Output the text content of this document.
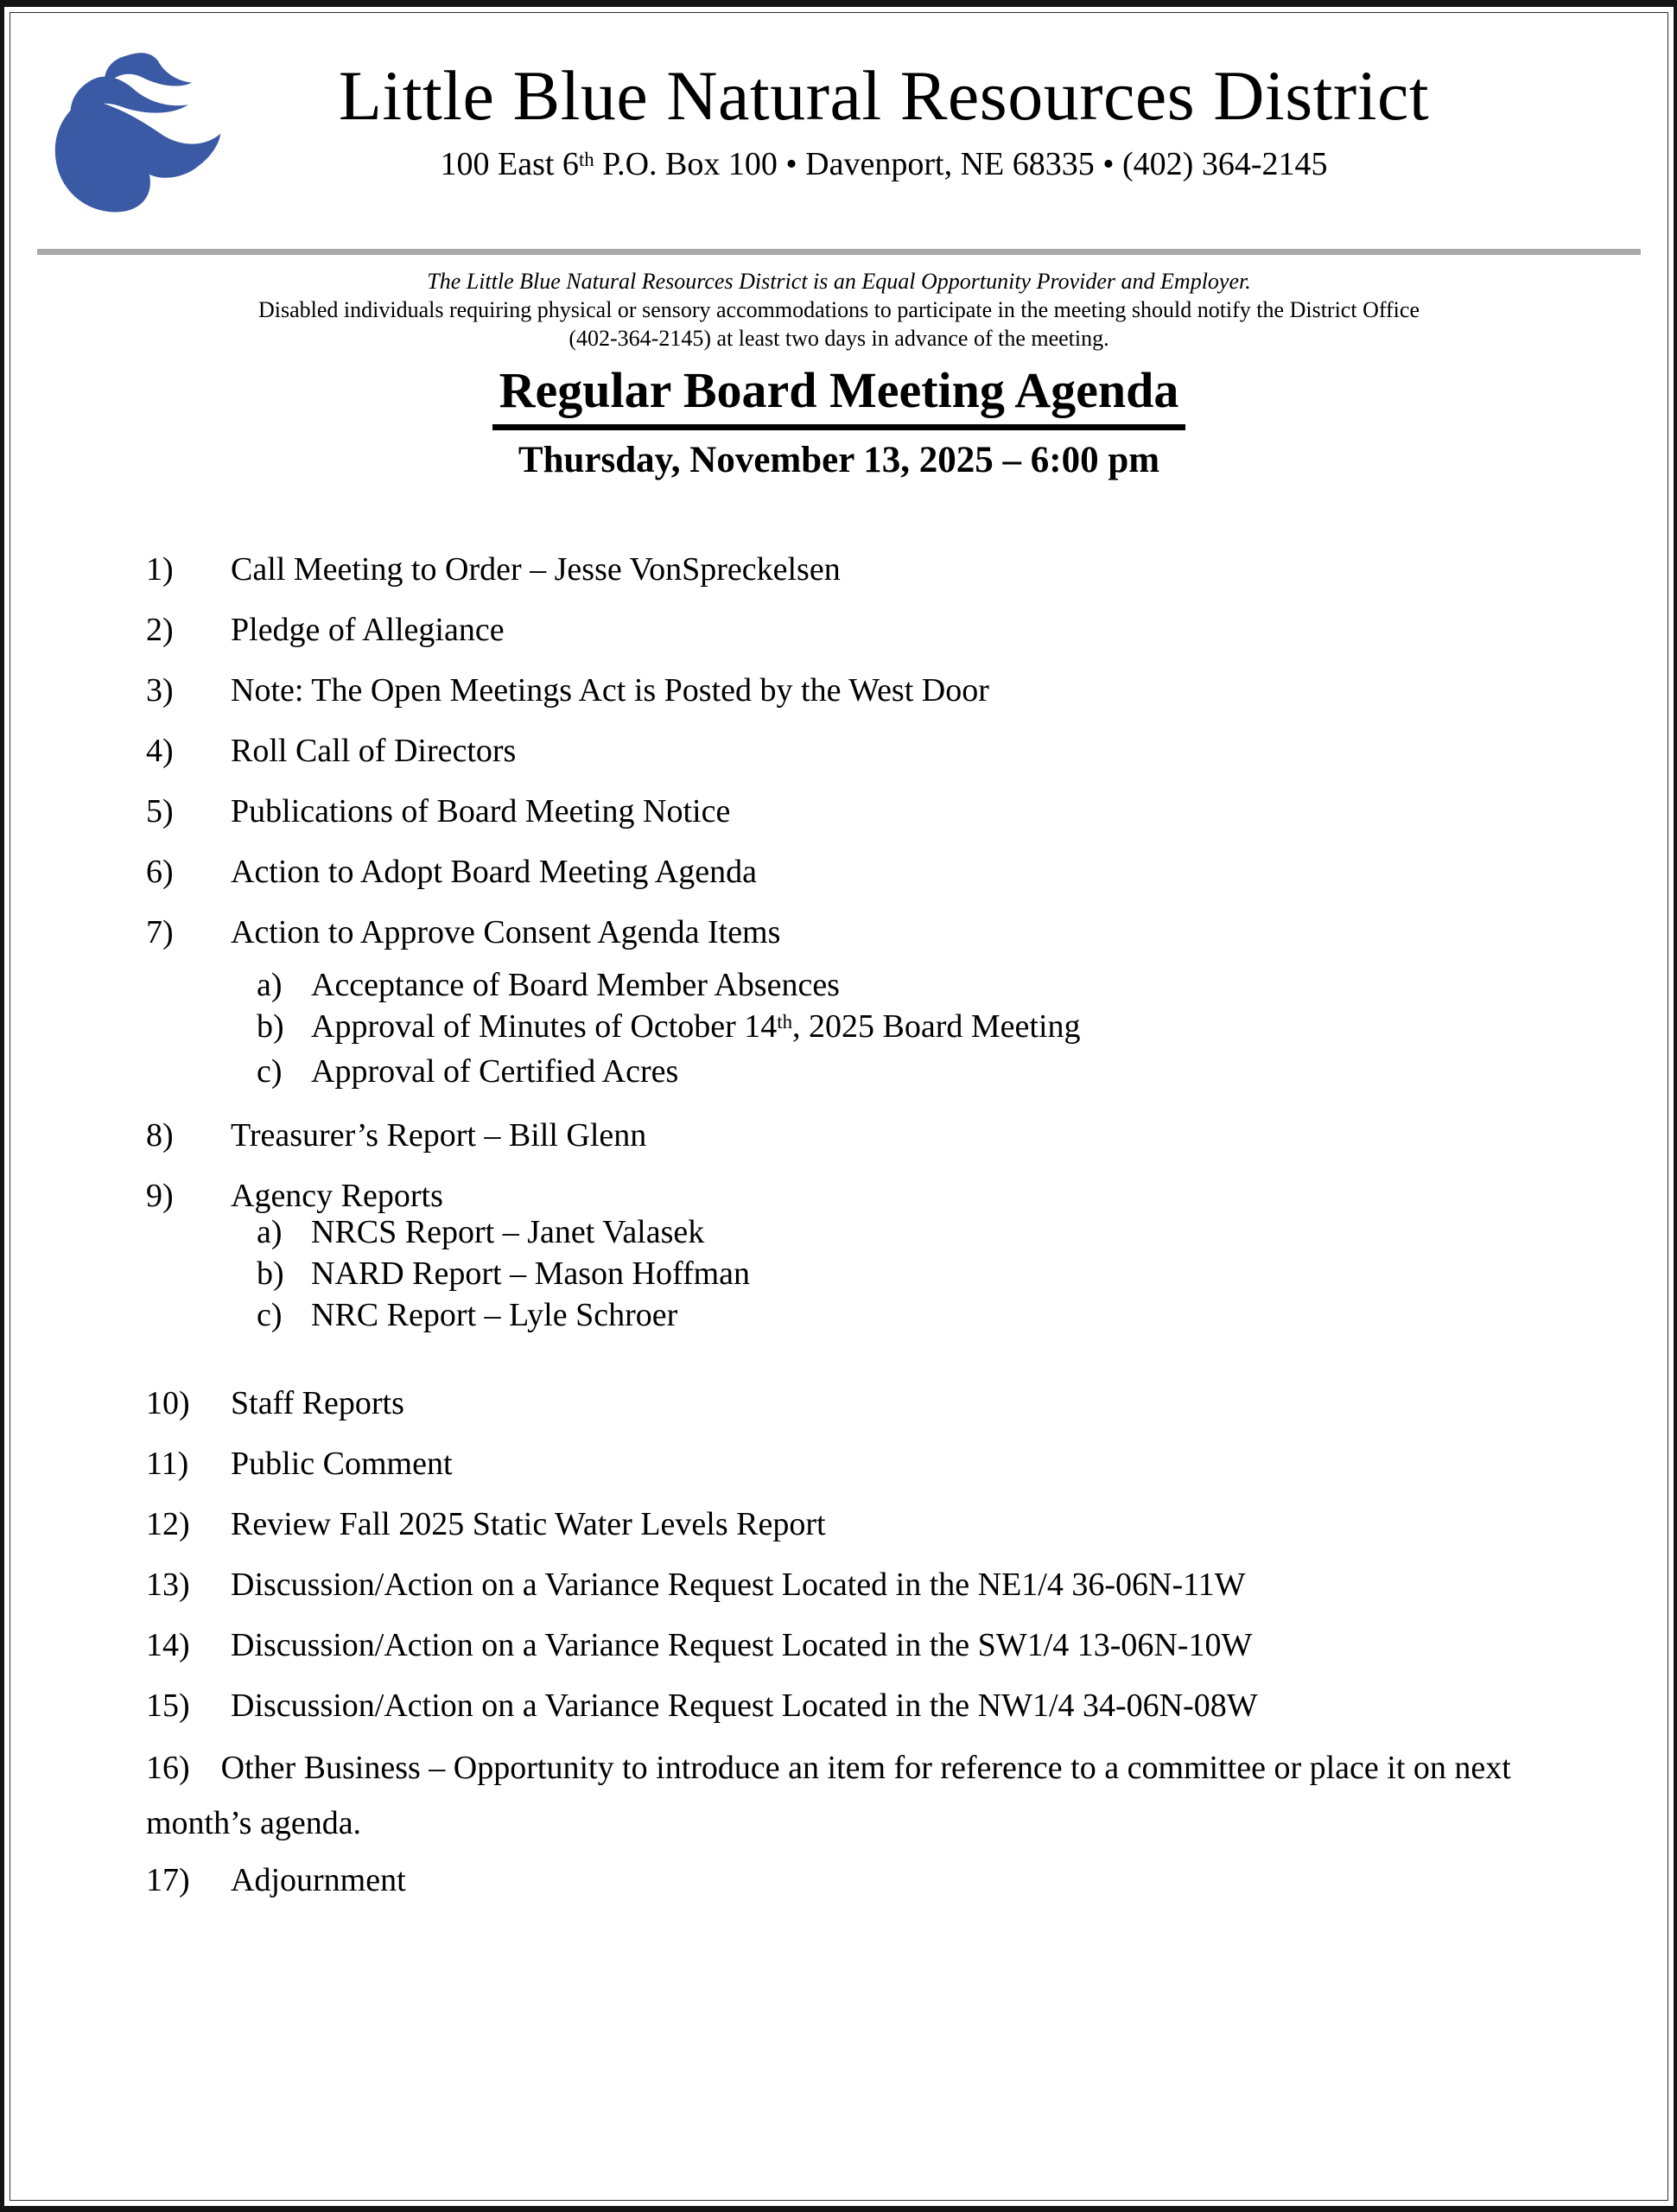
Little Blue Natural Resources District
100 East 6th P.O. Box 100 • Davenport, NE 68335 • (402) 364-2145
The Little Blue Natural Resources District is an Equal Opportunity Provider and Employer.
Disabled individuals requiring physical or sensory accommodations to participate in the meeting should notify the District Office
(402-364-2145) at least two days in advance of the meeting.
Regular Board Meeting Agenda
Thursday, November 13, 2025 – 6:00 pm
1)	Call Meeting to Order – Jesse VonSpreckelsen
2)	Pledge of Allegiance
3)	Note: The Open Meetings Act is Posted by the West Door
4)	Roll Call of Directors
5)	Publications of Board Meeting Notice
6)	Action to Adopt Board Meeting Agenda
7)	Action to Approve Consent Agenda Items
a) Acceptance of Board Member Absences
b) Approval of Minutes of October 14th, 2025 Board Meeting
c) Approval of Certified Acres
8)	Treasurer’s Report – Bill Glenn
9)	Agency Reports
a) NRCS Report – Janet Valasek
b) NARD Report – Mason Hoffman
c) NRC Report – Lyle Schroer
10)	Staff Reports
11)	Public Comment
12)	Review Fall 2025 Static Water Levels Report
13)	Discussion/Action on a Variance Request Located in the NE1/4 36-06N-11W
14)	Discussion/Action on a Variance Request Located in the SW1/4 13-06N-10W
15)	Discussion/Action on a Variance Request Located in the NW1/4 34-06N-08W
16) Other Business – Opportunity to introduce an item for reference to a committee or place it on next
month’s agenda.
17)	Adjournment
